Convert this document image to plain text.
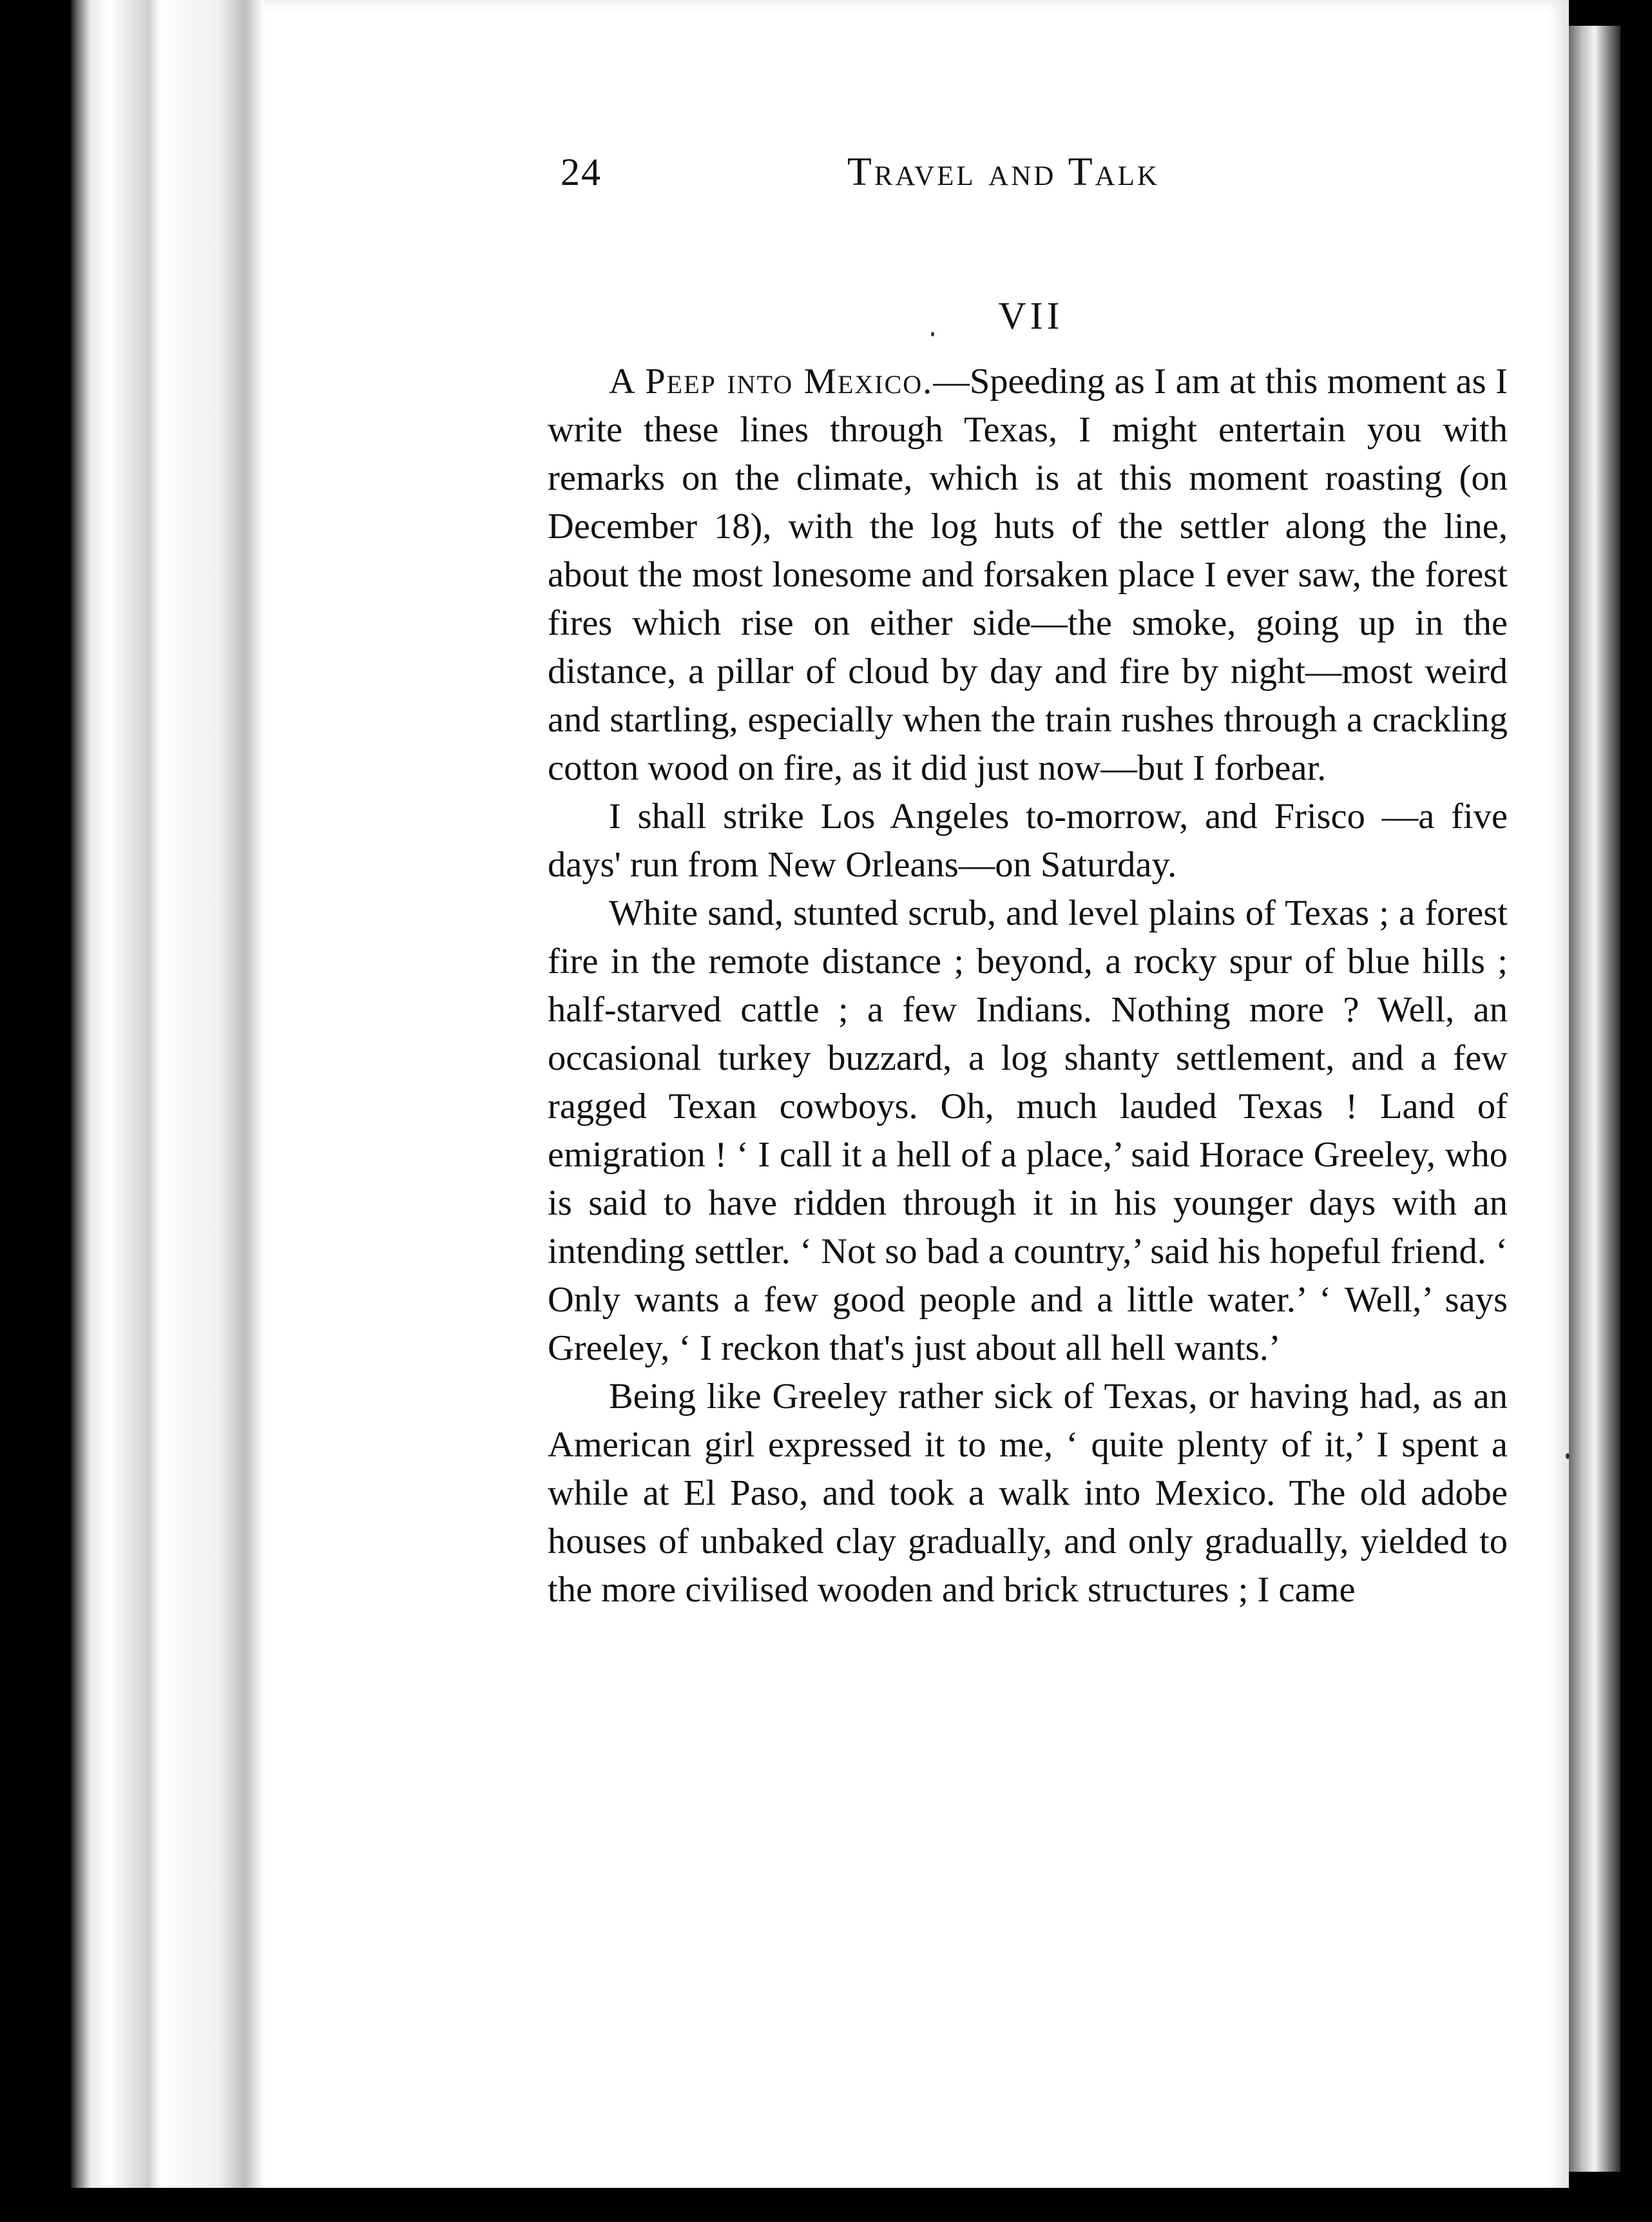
24	Travel and Talk
VII

A Peep into Mexico.—Speeding as I am at this moment as I write these lines through Texas, I might entertain you with remarks on the climate, which is at this moment roasting (on December 18), with the log huts of the settler along the line, about the most lonesome and forsaken place I ever saw, the forest fires which rise on either side—the smoke, going up in the distance, a pillar of cloud by day and fire by night—most weird and startling, especially when the train rushes through a crackling cotton wood on fire, as it did just now—but I forbear.

I shall strike Los Angeles to-morrow, and Frisco —a five days' run from New Orleans—on Saturday.

White sand, stunted scrub, and level plains of Texas ; a forest fire in the remote distance ; beyond, a rocky spur of blue hills ; half-starved cattle ; a few Indians. Nothing more ? Well, an occasional turkey buzzard, a log shanty settlement, and a few ragged Texan cowboys. Oh, much lauded Texas ! Land of emigration ! ‘ I call it a hell of a place,’ said Horace Greeley, who is said to have ridden through it in his younger days with an intending settler. ‘ Not so bad a country,’ said his hopeful friend. ‘ Only wants a few good people and a little water.’ ‘ Well,’ says Greeley, ‘ I reckon that's just about all hell wants.’

Being like Greeley rather sick of Texas, or having had, as an American girl expressed it to me, ‘ quite plenty of it,’ I spent a while at El Paso, and took a walk into Mexico. The old adobe houses of unbaked clay gradually, and only gradually, yielded to the more civilised wooden and brick structures ; I came
